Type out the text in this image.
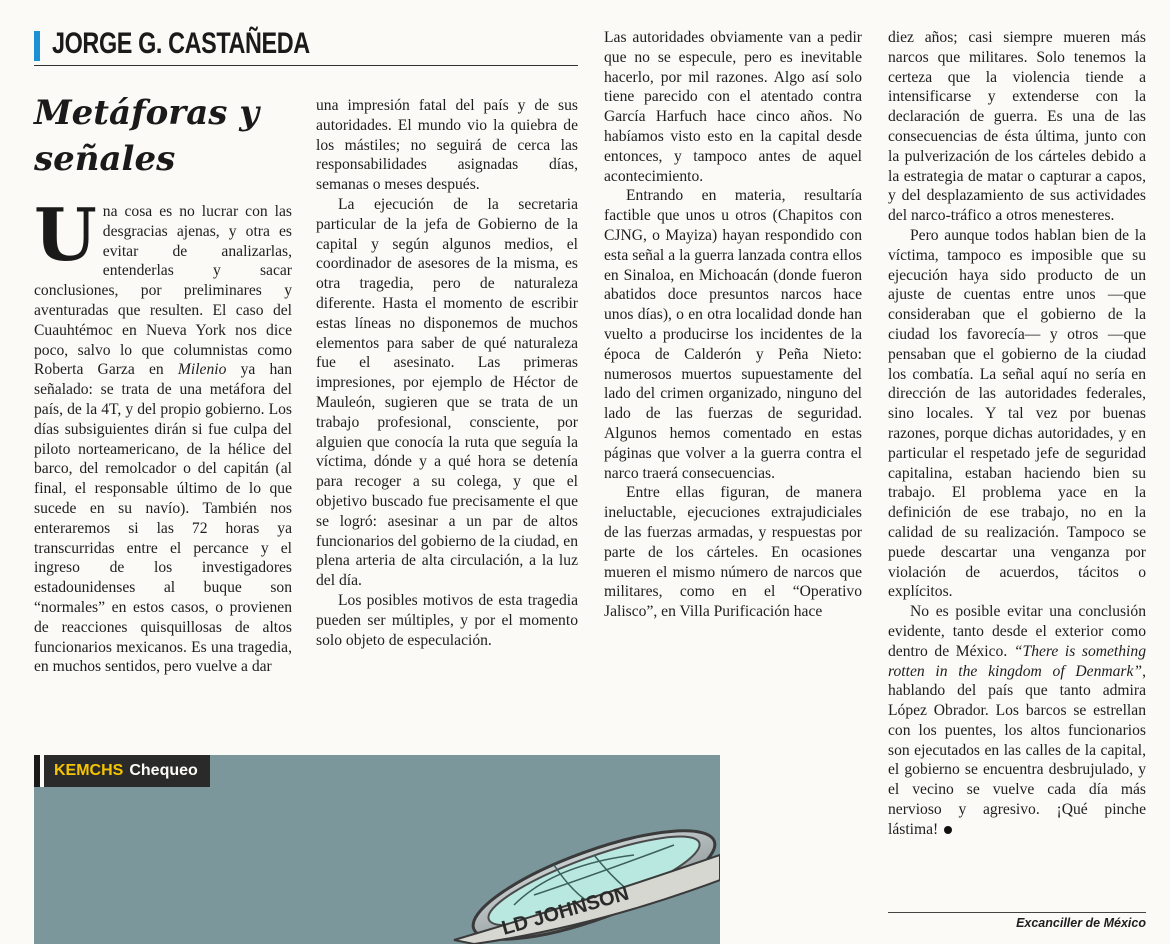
JORGE G. CASTAÑEDA
Metáforas y señales

Una cosa es no lucrar con las desgracias ajenas, y otra es evitar de analizarlas, entenderlas y sacar conclusiones, por preliminares y aventuradas que resulten. El caso del Cuauhtémoc en Nueva York nos dice poco, salvo lo que columnistas como Roberta Garza en Milenio ya han señalado: se trata de una metáfora del país, de la 4T, y del propio gobierno. Los días subsiguientes dirán si fue culpa del piloto norteamericano, de la hélice del barco, del remolcador o del capitán (al final, el responsable último de lo que sucede en su navío). También nos enteraremos si las 72 horas ya transcurridas entre el percance y el ingreso de los investigadores estadounidenses al buque son “normales” en estos casos, o provienen de reacciones quisquillosas de altos funcionarios mexicanos. Es una tragedia, en muchos sentidos, pero vuelve a dar

una impresión fatal del país y de sus autoridades. El mundo vio la quiebra de los mástiles; no seguirá de cerca las responsabilidades asignadas días, semanas o meses después.

La ejecución de la secretaria particular de la jefa de Gobierno de la capital y según algunos medios, el coordinador de asesores de la misma, es otra tragedia, pero de naturaleza diferente. Hasta el momento de escribir estas líneas no disponemos de muchos elementos para saber de qué naturaleza fue el asesinato. Las primeras impresiones, por ejemplo de Héctor de Mauleón, sugieren que se trata de un trabajo profesional, consciente, por alguien que conocía la ruta que seguía la víctima, dónde y a qué hora se detenía para recoger a su colega, y que el objetivo buscado fue precisamente el que se logró: asesinar a un par de altos funcionarios del gobierno de la ciudad, en plena arteria de alta circulación, a la luz del día.

Los posibles motivos de esta tragedia pueden ser múltiples, y por el momento solo objeto de especulación.

Las autoridades obviamente van a pedir que no se especule, pero es inevitable hacerlo, por mil razones. Algo así solo tiene parecido con el atentado contra García Harfuch hace cinco años. No habíamos visto esto en la capital desde entonces, y tampoco antes de aquel acontecimiento.

Entrando en materia, resultaría factible que unos u otros (Chapitos con CJNG, o Mayiza) hayan respondido con esta señal a la guerra lanzada contra ellos en Sinaloa, en Michoacán (donde fueron abatidos doce presuntos narcos hace unos días), o en otra localidad donde han vuelto a producirse los incidentes de la época de Calderón y Peña Nieto: numerosos muertos supuestamente del lado del crimen organizado, ninguno del lado de las fuerzas de seguridad. Algunos hemos comentado en estas páginas que volver a la guerra contra el narco traerá consecuencias.

Entre ellas figuran, de manera ineluctable, ejecuciones extrajudiciales de las fuerzas armadas, y respuestas por parte de los cárteles. En ocasiones mueren el mismo número de narcos que militares, como en el “Operativo Jalisco”, en Villa Purificación hace

diez años; casi siempre mueren más narcos que militares. Solo tenemos la certeza que la violencia tiende a intensificarse y extenderse con la declaración de guerra. Es una de las consecuencias de ésta última, junto con la pulverización de los cárteles debido a la estrategia de matar o capturar a capos, y del desplazamiento de sus actividades del narco-tráfico a otros menesteres.

Pero aunque todos hablan bien de la víctima, tampoco es imposible que su ejecución haya sido producto de un ajuste de cuentas entre unos —que consideraban que el gobierno de la ciudad los favorecía— y otros —que pensaban que el gobierno de la ciudad los combatía. La señal aquí no sería en dirección de las autoridades federales, sino locales. Y tal vez por buenas razones, porque dichas autoridades, y en particular el respetado jefe de seguridad capitalina, estaban haciendo bien su trabajo. El problema yace en la definición de ese trabajo, no en la calidad de su realización. Tampoco se puede descartar una venganza por violación de acuerdos, tácitos o explícitos.

No es posible evitar una conclusión evidente, tanto desde el exterior como dentro de México. “There is something rotten in the kingdom of Denmark”, hablando del país que tanto admira López Obrador. Los barcos se estrellan con los puentes, los altos funcionarios son ejecutados en las calles de la capital, el gobierno se encuentra desbrujulado, y el vecino se vuelve cada día más nervioso y agresivo. ¡Qué pinche lástima!

Excanciller de México
LD JOHNSON
KEMCHS Chequeo
